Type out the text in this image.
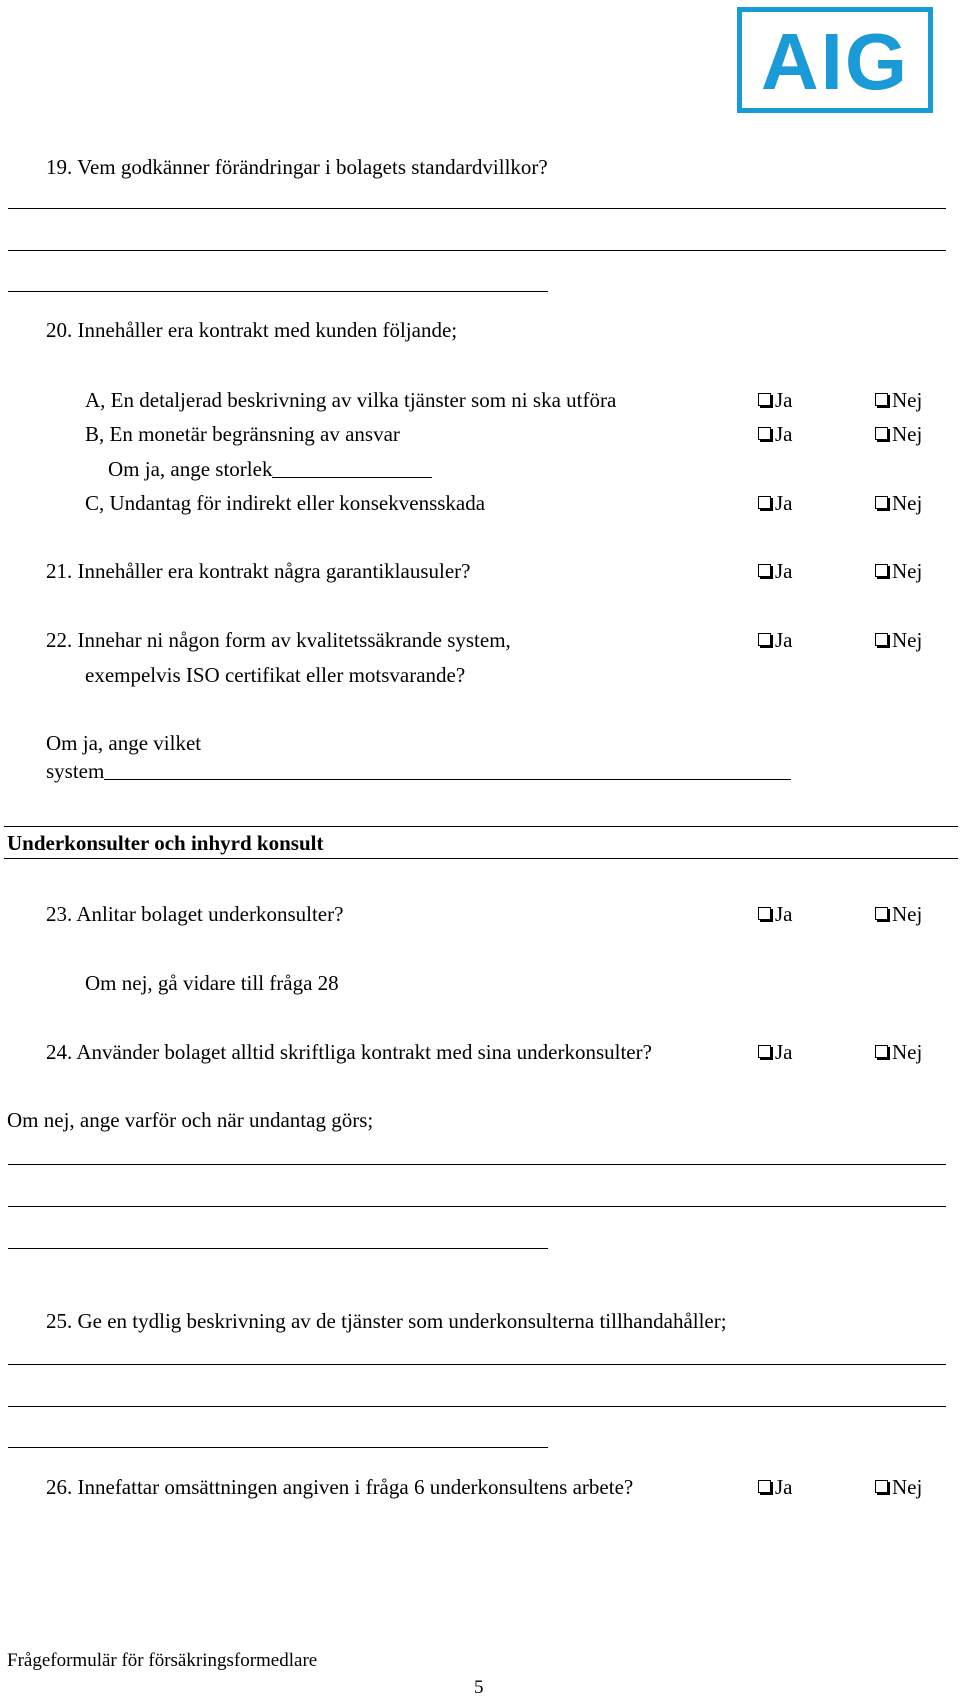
AIG
19. Vem godkänner förändringar i bolagets standardvillkor?
20. Innehåller era kontrakt med kunden följande;
A, En detaljerad beskrivning av vilka tjänster som ni ska utföra	Ja	Nej
B, En monetär begränsning av ansvar	Ja	Nej
Om ja, ange storlek
C, Undantag för indirekt eller konsekvensskada	Ja	Nej
21. Innehåller era kontrakt några garantiklausuler?	Ja	Nej
22. Innehar ni någon form av kvalitetssäkrande system,	Ja	Nej
exempelvis ISO certifikat eller motsvarande?
Om ja, ange vilket
system
Underkonsulter och inhyrd konsult
23. Anlitar bolaget underkonsulter?	Ja	Nej
Om nej, gå vidare till fråga 28
24. Använder bolaget alltid skriftliga kontrakt med sina underkonsulter?	Ja	Nej
Om nej, ange varför och när undantag görs;
25. Ge en tydlig beskrivning av de tjänster som underkonsulterna tillhandahåller;
26. Innefattar omsättningen angiven i fråga 6 underkonsultens arbete?	Ja	Nej
Frågeformulär för försäkringsformedlare
5
